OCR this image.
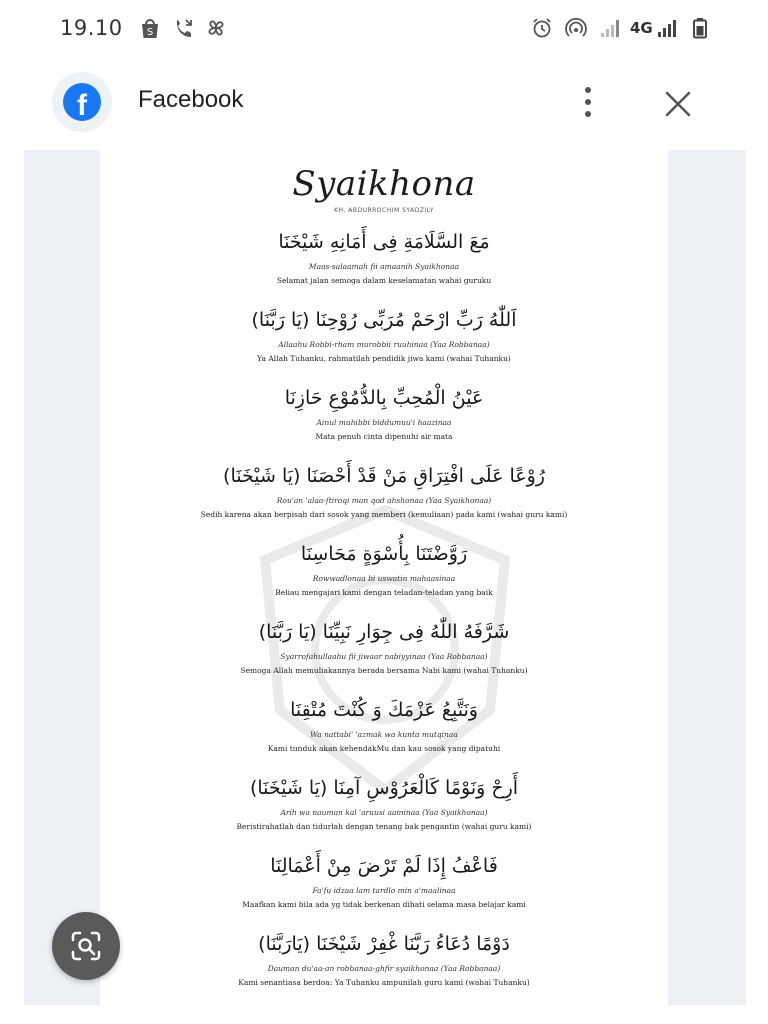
19.10 S	4G
f	Facebook
Syaikhona
KH. ABDURROCHIM SYADZILY
مَعَ السَّلَامَةِ فِى أَمَانِهِ شَيْخَنَا
Maas-salaamah fii amaanih Syaikhonaa
Selamat jalan semoga dalam keselamatan wahai guruku
اَللّٰهُ رَبِّ ارْحَمْ مُرَبِّى رُوْحِنَا (يَا رَبَّنَا)
Allaahu Robbi-rham murobbii ruuhinaa (Yaa Robbanaa)
Ya Allah Tuhanku, rahmatilah pendidik jiwa kami (wahai Tuhanku)
عَيْنُ الْمُحِبِّ بِالدُّمُوْعِ حَازِنَا
Ainul muhibbi biddumuu'i haazinaa
Mata penuh cinta dipenuhi air mata
رُوْعًا عَلَى افْتِرَاقِ مَنْ قَدْ أَحْصَنَا (يَا شَيْخَنَا)
Rou'an 'alaa-ftiroqi man qod ahshonaa (Yaa Syaikhonaa)
Sedih karena akan berpisah dari sosok yang memberi (kemuliaan) pada kami (wahai guru kami)
رَوَّضْتَنَا بِأُسْوَةٍ مَحَاسِنَا
Rowwadlonaa bi uswatin mahaasinaa
Beliau mengajari kami dengan teladan-teladan yang baik
شَرَّفَهُ اللّٰهُ فِى جِوَارِ نَبِيِّنَا (يَا رَبَّنَا)
Syarrofahullaahu fii jiwaar nabiyyinaa (Yaa Robbanaa)
Semoga Allah memuliakannya berada bersama Nabi kami (wahai Tuhanku)
وَنَتَّبِعُ عَزْمَكَ وَ كُنْتَ مُتْقِنَا
Wa nattabi' 'azmak wa kunta mutqinaa
Kami tunduk akan kehendakMu dan kau sosok yang dipatuhi
أَرِحْ وَنَوْمًا كَالْعَرُوْسِ آمِنَا (يَا شَيْخَنَا)
Arih wa nauman kal 'aruusi aaminaa (Yaa Syaikhonaa)
Beristirahatlah dan tidurlah dengan tenang bak pengantin (wahai guru kami)
فَاعْفُ إِذَا لَمْ تَرْضَ مِنْ أَعْمَالِنَا
Fa'fu idzaa lam tardlo min a'maalinaa
Maafkan kami bila ada yg tidak berkenan dihati selama masa belajar kami
دَوْمًا دُعَاءُ رَبَّنَا غْفِرْ شَيْخَنَا (يَارَبَّنَا)
Dauman du'aa-an robbanaa-ghfir syaikhonaa (Yaa Robbanaa)
Kami senantiasa berdoa: Ya Tuhanku ampunilah guru kami (wahai Tuhanku)
